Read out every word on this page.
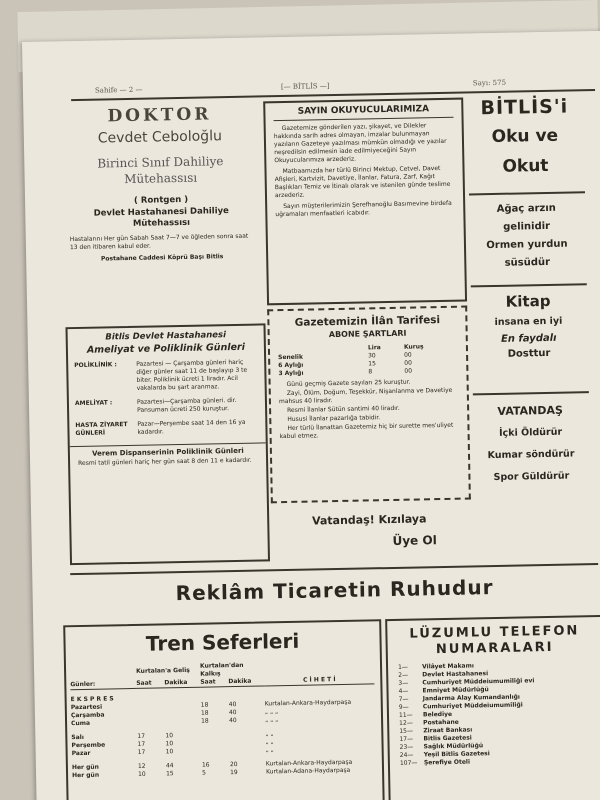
Sahife — 2 —	[— BİTLİS —]	Sayı: 575
DOKTOR
Cevdet Ceboloğlu
Birinci Sınıf Dahiliye
Mütehassısı
( Rontgen )
Devlet Hastahanesi Dahiliye
Mütehassısı
Hastalarını Her gün Sabah Saat 7—7 ve öğleden sonra saat 13 den itibaren kabul eder.
Postahane Caddesi Köprü Başı Bitlis
SAYIN OKUYUCULARIMIZA
Gazetemize gönderilen yazı, şikayet, ve Dilekler hakkında sarih adres olmayan, imzalar bulunmayan yazıların Gazeteye yazılması mümkün olmadığı ve yazılar neşredilsin edilmesin iade edilmiyeceğini Sayın Okuyucularımıza arzederiz.
Matbaamızda her türlü Birinci Mektup, Cetvel, Davet Afişleri, Kartvizit, Davetiye, İlanlar, Fatura, Zarf, Kağıt Başlıkları Temiz ve İtinalı olarak ve istenilen günde teslime arzederiz.
Sayın müşterilerimizin Şerefhanoğlu Basımevine birdefa uğramaları menfaatleri icabıdır.
BİTLİS'i
Oku ve
Okut
Ağaç arzın
gelinidir
Ormen yurdun
süsüdür
Kitap
insana en iyi
En faydalı
Dosttur
VATANDAŞ
İçki Öldürür
Kumar söndürür
Spor Güldürür
Gazetemizin İlân Tarifesi
ABONE ŞARTLARI
	Lira	Kuruş
Senelik	30	00
6 Aylığı	15	00
3 Aylığı	8	00
Günü geçmiş Gazete sayıları 25 kuruştur.
Zayi, Ölüm, Doğum, Teşekkür, Nişanlanma ve Davetiye mahsus 40 liradır.
Resmi İlanlar Sütün santimi 40 liradır.
Hususi İlanlar pazarlığa tabidir.
Her türlü İlanattan Gazetemiz hiç bir surette mes'uliyet kabul etmez.
Bitlis Devlet Hastahanesi
Ameliyat ve Poliklinik Günleri
POLİKLİNİK :	Pazartesi — Çarşamba günleri hariç diğer günler saat 11 de başlayıp 3 te biter. Poliklinik ücreti 1 liradır. Acil vakalarda bu şart aranmaz.
AMELİYAT :	Pazartesi—Çarşamba günleri. dir. Pansuman ücreti 250 kuruştur.
HASTA ZİYARET GÜNLERİ	Pazar—Perşembe saat 14 den 16 ya kadardır.
Verem Dispanserinin Poliklinik Günleri
Resmi tatil günleri hariç her gün saat 8 den 11 e kadardır.
Vatandaş! Kızılaya
Üye Ol
Reklâm Ticaretin Ruhudur
Tren Seferleri
	Kurtalan'a Geliş		Kurtalan'dan Kalkış		
Günler:	Saat	Dakika	Saat	Dakika	C İ H E T İ
E K S P R E S					
Pazartesi			18	40	Kurtalan-Ankara-Haydarpaşa
Çarşamba			18	40	„ „ „
Cuma			18	40	„ „ „
Salı	17	10			„ „
Perşembe	17	10			„ „
Pazar	17	10			„ „
Her gün	12	44	16	20	Kurtalan-Ankara-Haydarpaşa
Her gün	10	15	5	19	Kurtalan-Adana-Haydarpaşa
LÜZUMLU TELEFON
NUMARALARI
1—	Vilâyet Makamı
2—	Devlet Hastahanesi
3—	Cumhuriyet Müddeiumumiliği evi
4—	Emniyet Müdürlüğü
7—	Jandarma Alay Kumandanlığı
9—	Cumhuriyet Müddeiumumiliği
11—	Belediye
12—	Postahane
15—	Ziraat Bankası
17—	Bitlis Gazetesi
23—	Sağlık Müdürlüğü
24—	Yeşil Bitlis Gazetesi
107—	Şerefiye Oteli
